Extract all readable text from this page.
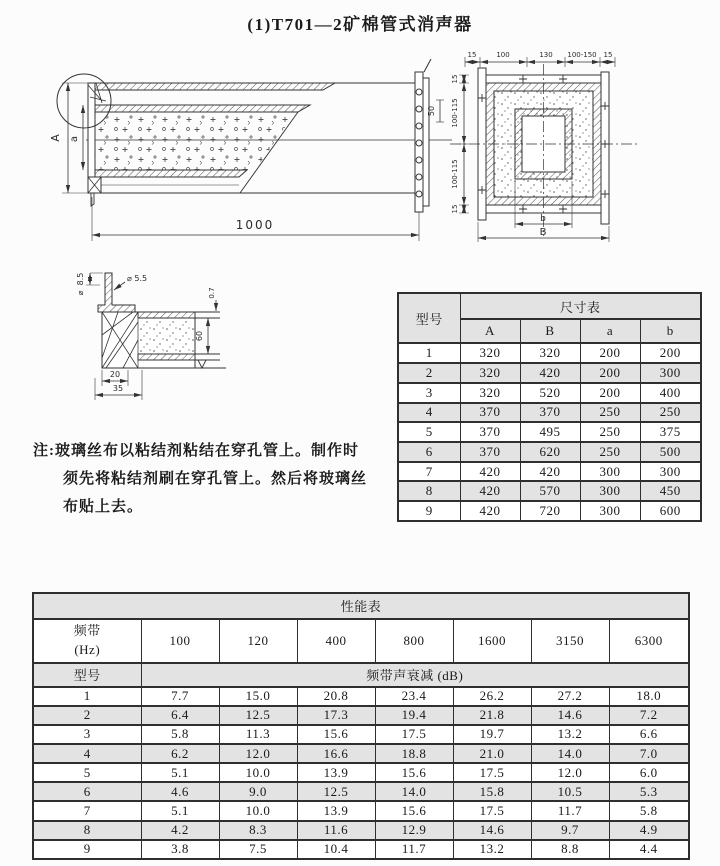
(1)T701—2矿棉管式消声器
A a
1000
50
15	100	130 100-150 15
15
100-115
100-115
15
b
B
8.5
⌀
⌀ 5.5
0.7
60
20
35
注:玻璃丝布以粘结剂粘结在穿孔管上。制作时
须先将粘结剂刷在穿孔管上。然后将玻璃丝
布贴上去。
型号	尺寸表			
	A	B	a	b
1	320	320	200	200
2	320	420	200	300
3	320	520	200	400
4	370	370	250	250
5	370	495	250	375
6	370	620	250	500
7	420	420	300	300
8	420	570	300	450
9	420	720	300	600
性能表							

频带
(Hz)	100	120	400	800	1600	3150	6300
型号	频带声衰减 (dB)						
1	7.7	15.0	20.8	23.4	26.2	27.2	18.0
2	6.4	12.5	17.3	19.4	21.8	14.6	7.2
3	5.8	11.3	15.6	17.5	19.7	13.2	6.6
4	6.2	12.0	16.6	18.8	21.0	14.0	7.0
5	5.1	10.0	13.9	15.6	17.5	12.0	6.0
6	4.6	9.0	12.5	14.0	15.8	10.5	5.3
7	5.1	10.0	13.9	15.6	17.5	11.7	5.8
8	4.2	8.3	11.6	12.9	14.6	9.7	4.9
9	3.8	7.5	10.4	11.7	13.2	8.8	4.4
